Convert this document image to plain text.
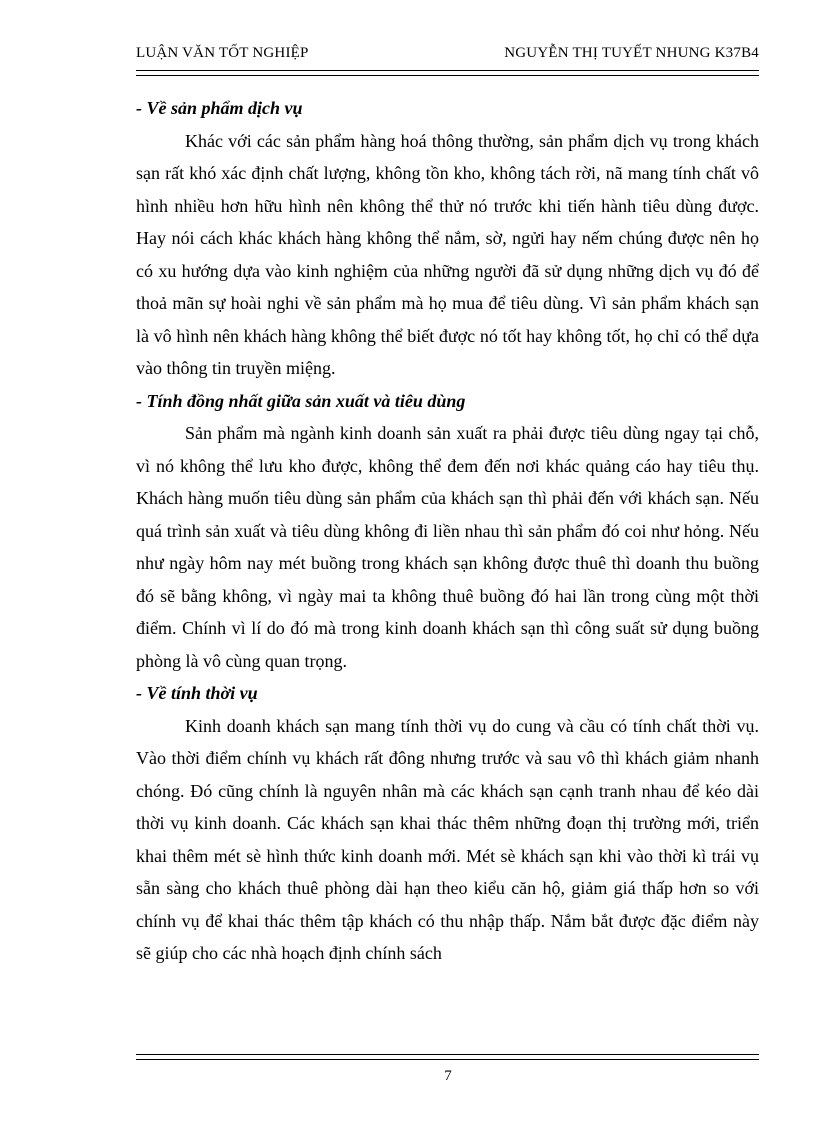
LUẬN VĂN TỐT NGHIỆP	NGUYỄN THỊ TUYẾT NHUNG K37B4

- Về sản phẩm dịch vụ

Khác với các sản phẩm hàng hoá thông thường, sản phẩm dịch vụ trong khách sạn rất khó xác định chất lượng, không tồn kho, không tách rời, nã mang tính chất vô hình nhiều hơn hữu hình nên không thể thử nó trước khi tiến hành tiêu dùng được. Hay nói cách khác khách hàng không thể nắm, sờ, ngửi hay nếm chúng được nên họ có xu hướng dựa vào kinh nghiệm của những người đã sử dụng những dịch vụ đó để thoả mãn sự hoài nghi về sản phẩm mà họ mua để tiêu dùng. Vì sản phẩm khách sạn là vô hình nên khách hàng không thể biết được nó tốt hay không tốt, họ chỉ có thể dựa vào thông tin truyền miệng.

- Tính đồng nhất giữa sản xuất và tiêu dùng

Sản phẩm mà ngành kinh doanh sản xuất ra phải được tiêu dùng ngay tại chỗ, vì nó không thể lưu kho được, không thể đem đến nơi khác quảng cáo hay tiêu thụ. Khách hàng muốn tiêu dùng sản phẩm của khách sạn thì phải đến với khách sạn. Nếu quá trình sản xuất và tiêu dùng không đi liền nhau thì sản phẩm đó coi như hỏng. Nếu như ngày hôm nay mét buồng trong khách sạn không được thuê thì doanh thu buồng đó sẽ bằng không, vì ngày mai ta không thuê buồng đó hai lần trong cùng một thời điểm. Chính vì lí do đó mà trong kinh doanh khách sạn thì công suất sử dụng buồng phòng là vô cùng quan trọng.

- Về tính thời vụ

Kinh doanh khách sạn mang tính thời vụ do cung và cầu có tính chất thời vụ. Vào thời điểm chính vụ khách rất đông nhưng trước và sau vô thì khách giảm nhanh chóng. Đó cũng chính là nguyên nhân mà các khách sạn cạnh tranh nhau để kéo dài thời vụ kinh doanh. Các khách sạn khai thác thêm những đoạn thị trường mới, triển khai thêm mét sè hình thức kinh doanh mới. Mét sè khách sạn khi vào thời kì trái vụ sẵn sàng cho khách thuê phòng dài hạn theo kiểu căn hộ, giảm giá thấp hơn so với chính vụ để khai thác thêm tập khách có thu nhập thấp. Nắm bắt được đặc điểm này sẽ giúp cho các nhà hoạch định chính sách

7
